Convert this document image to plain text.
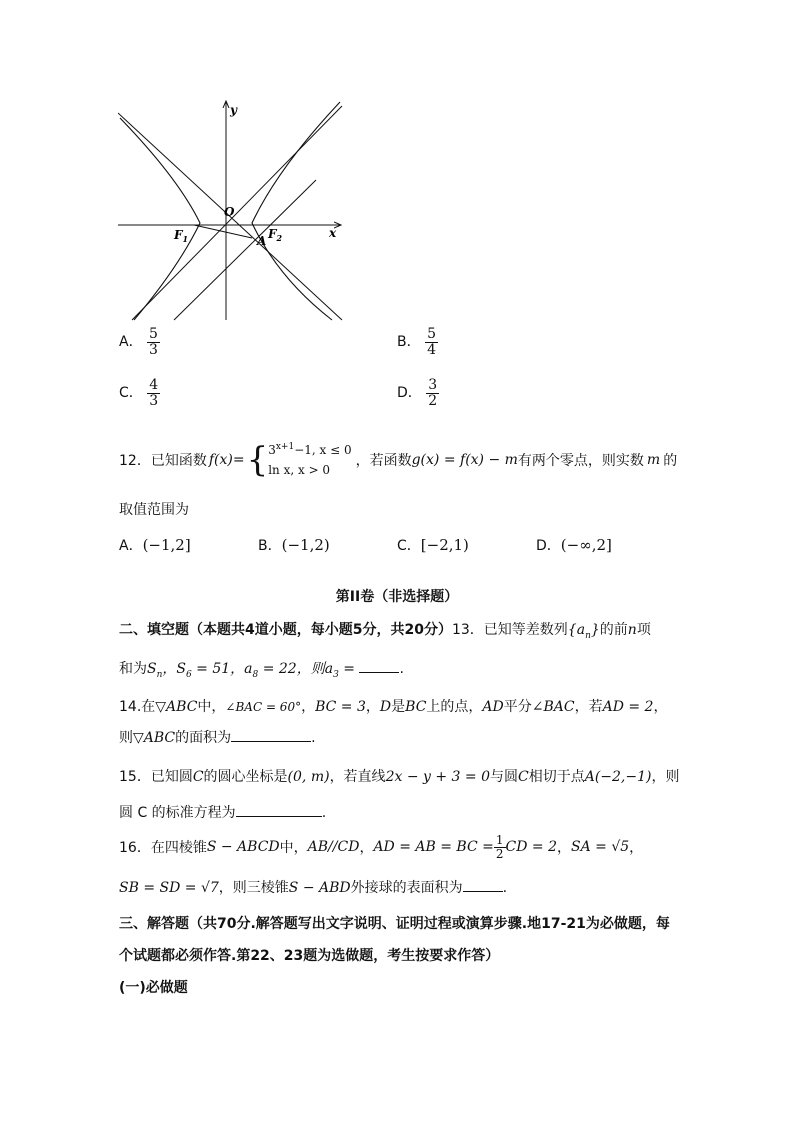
y
x
O
$F_1$	$F_2$
A
A． $\frac{5}{3}$	B． $\frac{5}{4}$
C． $\frac{4}{3}$	D． $\frac{3}{2}$
12．已知函数 f(x)= { $3^{x+1}-1$, x ≤ 0
ln x, x > 0
，若函数 g(x) = f(x) − m 有两个零点，则实数 m 的
取值范围为
A．(−1,2]	B．(−1,2)	C．[−2,1)	D．(−∞,2]
第II卷（非选择题）
二、填空题（本题共4道小题，每小题5分，共20分）13．已知等差数列$\{a_n\}$的前n项
和为$S_n$，$S_6 = 51$，$a_8 = 22$，则$a_3$ =	.
14.在▽ABC中，∠BAC = 60°，BC = 3，D是BC上的点，AD平分∠BAC，若AD = 2，
则▽ABC的面积为	.
15．已知圆C的圆心坐标是(0, m)，若直线2x − y + 3 = 0与圆C相切于点A(−2,−1)，则
圆 C 的标准方程为	.
16．在四棱锥 S − ABCD 中， AB//CD ， AD = AB = BC = $\frac{1}{2}$ CD = 2 ， SA = √5 ，
SB = SD = √7，则三棱锥S − ABD外接球的表面积为	.
三、解答题（共70分.解答题写出文字说明、证明过程或演算步骤.地17-21为必做题，每
个试题都必须作答.第22、23题为选做题，考生按要求作答）
(一)必做题
